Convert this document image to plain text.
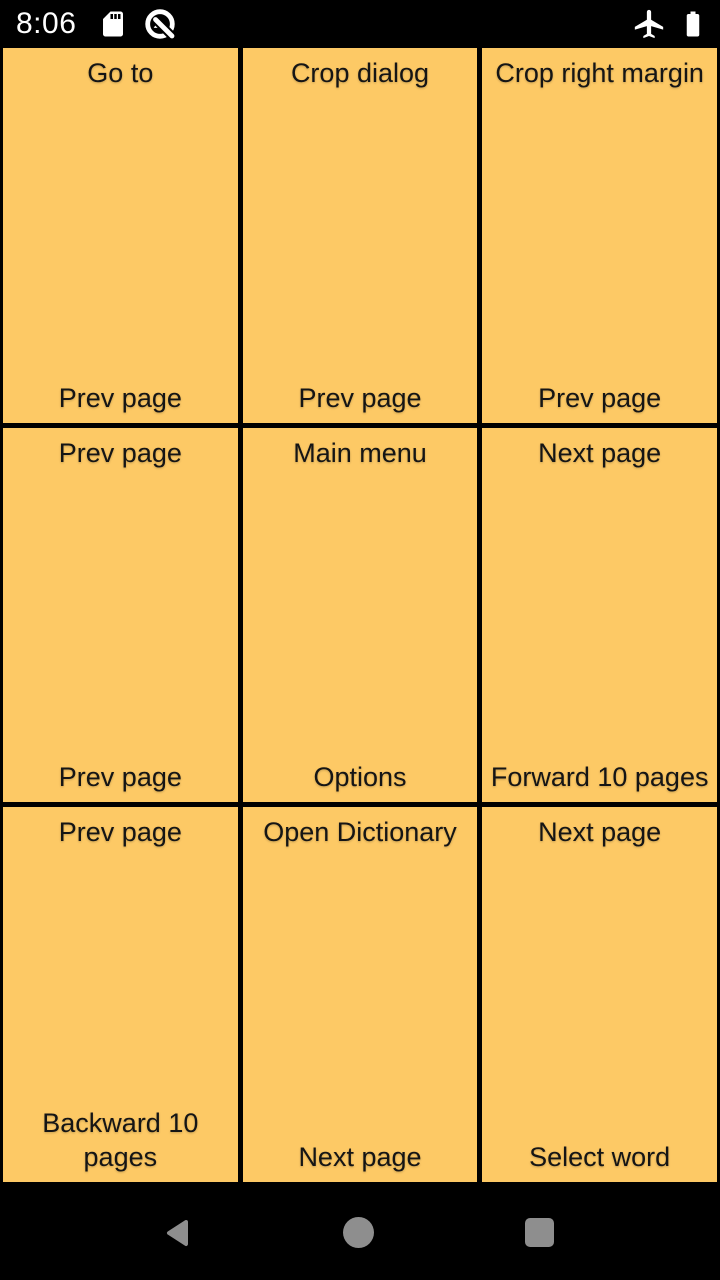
8:06
Go to
Prev page
Crop dialog
Prev page
Crop right margin
Prev page
Prev page
Prev page
Main menu
Options
Next page
Forward 10 pages
Prev page
Backward 10 pages
Open Dictionary
Next page
Next page
Select word
